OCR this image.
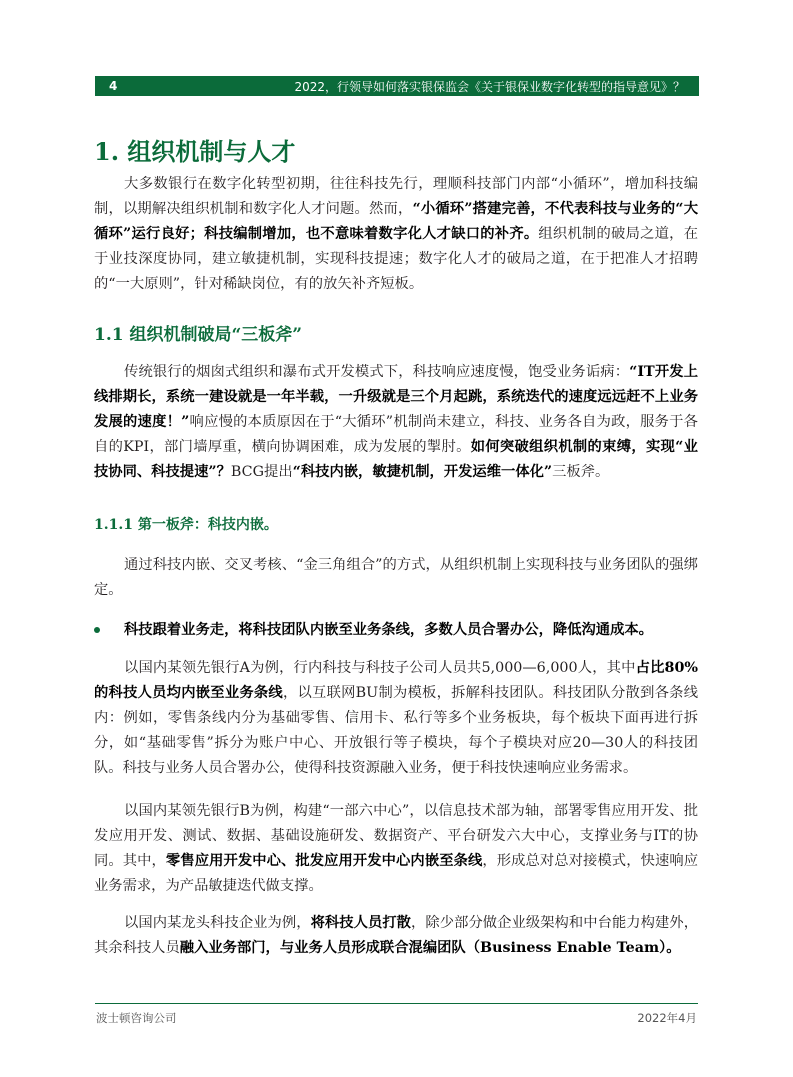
4	2022，行领导如何落实银保监会《关于银保业数字化转型的指导意见》？
1. 组织机制与人才

大多数银行在数字化转型初期，往往科技先行，理顺科技部门内部“小循环”，增加科技编制，以期解决组织机制和数字化人才问题。然而，“小循环”搭建完善，不代表科技与业务的“大循环”运行良好；科技编制增加，也不意味着数字化人才缺口的补齐。组织机制的破局之道，在于业技深度协同，建立敏捷机制，实现科技提速；数字化人才的破局之道，在于把准人才招聘的“一大原则”，针对稀缺岗位，有的放矢补齐短板。

1.1 组织机制破局“三板斧”

传统银行的烟囱式组织和瀑布式开发模式下，科技响应速度慢，饱受业务诟病：“IT开发上线排期长，系统一建设就是一年半载，一升级就是三个月起跳，系统迭代的速度远远赶不上业务发展的速度！”响应慢的本质原因在于“大循环”机制尚未建立，科技、业务各自为政，服务于各自的KPI，部门墙厚重，横向协调困难，成为发展的掣肘。如何突破组织机制的束缚，实现“业技协同、科技提速”？BCG提出“科技内嵌，敏捷机制，开发运维一体化”三板斧。

1.1.1 第一板斧：科技内嵌。

通过科技内嵌、交叉考核、“金三角组合”的方式，从组织机制上实现科技与业务团队的强绑定。

科技跟着业务走，将科技团队内嵌至业务条线，多数人员合署办公，降低沟通成本。

以国内某领先银行A为例，行内科技与科技子公司人员共5,000—6,000人，其中占比80%的科技人员均内嵌至业务条线，以互联网BU制为模板，拆解科技团队。科技团队分散到各条线内：例如，零售条线内分为基础零售、信用卡、私行等多个业务板块，每个板块下面再进行拆分，如“基础零售”拆分为账户中心、开放银行等子模块，每个子模块对应20—30人的科技团队。科技与业务人员合署办公，使得科技资源融入业务，便于科技快速响应业务需求。

以国内某领先银行B为例，构建“一部六中心”，以信息技术部为轴，部署零售应用开发、批发应用开发、测试、数据、基础设施研发、数据资产、平台研发六大中心，支撑业务与IT的协同。其中，零售应用开发中心、批发应用开发中心内嵌至条线，形成总对总对接模式，快速响应业务需求，为产品敏捷迭代做支撑。

以国内某龙头科技企业为例，将科技人员打散，除少部分做企业级架构和中台能力构建外，其余科技人员融入业务部门，与业务人员形成联合混编团队（Business Enable Team）。

波士顿咨询公司	2022年4月
